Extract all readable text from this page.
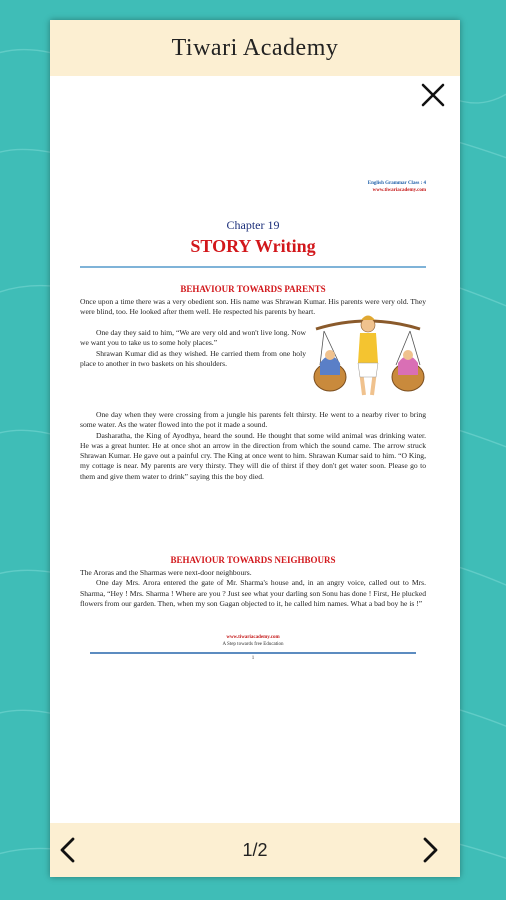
Tiwari Academy
English Grammar Class : 4
www.tiwariacademy.com
Chapter 19
STORY Writing
BEHAVIOUR TOWARDS PARENTS

Once upon a time there was a very obedient son. His name was Shrawan Kumar. His parents were very old. They were blind, too. He looked after them well. He respected his parents by heart.

One day they said to him, “We are very old and won't live long. Now we want you to take us to some holy places.”

Shrawan Kumar did as they wished. He carried them from one holy place to another in two baskets on his shoulders.

One day when they were crossing from a jungle his parents felt thirsty. He went to a nearby river to bring some water. As the water flowed into the pot it made a sound.

Dasharatha, the King of Ayodhya, heard the sound. He thought that some wild animal was drinking water. He was a great hunter. He at once shot an arrow in the direction from which the sound came. The arrow struck Shrawan Kumar. He gave out a painful cry. The King at once went to him. Shrawan Kumar said to him. “O King, my cottage is near. My parents are very thirsty. They will die of thirst if they don't get water soon. Please go to them and give them water to drink” saying this the boy died.

BEHAVIOUR TOWARDS NEIGHBOURS

The Aroras and the Sharmas were next-door neighbours.

One day Mrs. Arora entered the gate of Mr. Sharma's house and, in an angry voice, called out to Mrs. Sharma, “Hey ! Mrs. Sharma ! Where are you ? Just see what your darling son Sonu has done ! First, He plucked flowers from our garden. Then, when my son Gagan objected to it, he called him names. What a bad boy he is !”

www.tiwariacademy.com
A Step towards free Education
1
1/2
